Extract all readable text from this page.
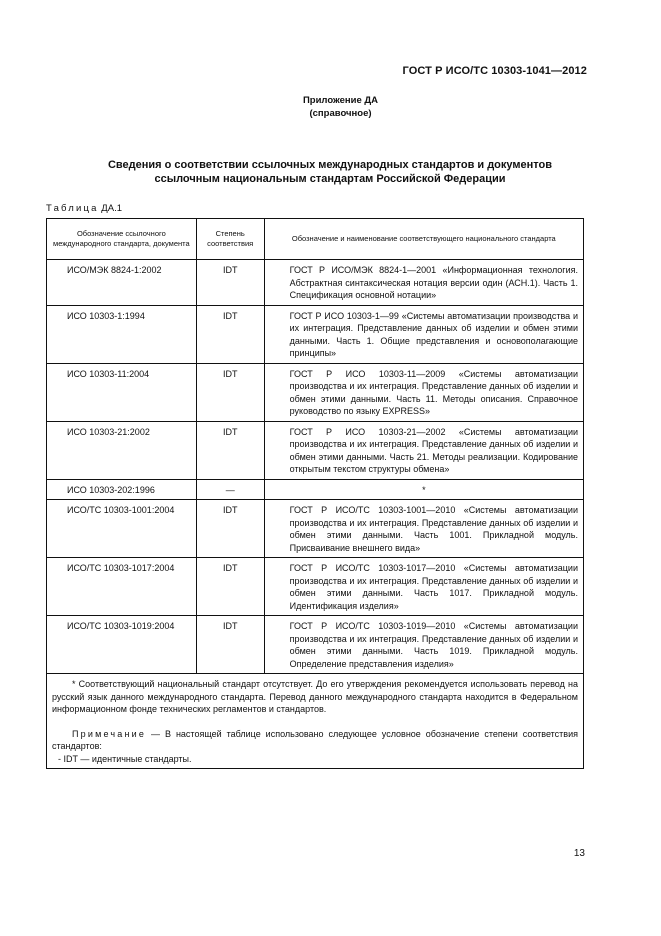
ГОСТ Р ИСО/ТС 10303-1041—2012
Приложение ДА
(справочное)
Сведения о соответствии ссылочных международных стандартов и документов
ссылочным национальным стандартам Российской Федерации
Таблица ДА.1
Обозначение ссылочного международного стандарта, документа	Степень соответствия	Обозначение и наименование соответствующего национального стандарта
ИСО/МЭК 8824-1:2002	IDT	ГОСТ Р ИСО/МЭК 8824-1—2001 «Информационная технология. Абстрактная синтаксическая нотация версии один (АСН.1). Часть 1. Спецификация основной нотации»

ИСО 10303-1:1994	IDT	ГОСТ Р ИСО 10303-1—99 «Системы автоматизации производства и их интеграция. Представление данных об изделии и обмен этими данными. Часть 1. Общие представления и основополагающие принципы»

ИСО 10303-11:2004	IDT	ГОСТ Р ИСО 10303-11—2009 «Системы автоматизации производства и их интеграция. Представление данных об изделии и обмен этими данными. Часть 11. Методы описания. Справочное руководство по языку EXPRESS»

ИСО 10303-21:2002	IDT	ГОСТ Р ИСО 10303-21—2002 «Системы автоматизации производства и их интеграция. Представление данных об изделии и обмен этими данными. Часть 21. Методы реализации. Кодирование открытым текстом структуры обмена»

ИСО 10303-202:1996	—	*
ИСО/ТС 10303-1001:2004	IDT	ГОСТ Р ИСО/ТС 10303-1001—2010 «Системы автоматизации производства и их интеграция. Представление данных об изделии и обмен этими данными. Часть 1001. Прикладной модуль. Присваивание внешнего вида»

ИСО/ТС 10303-1017:2004	IDT	ГОСТ Р ИСО/ТС 10303-1017—2010 «Системы автоматизации производства и их интеграция. Представление данных об изделии и обмен этими данными. Часть 1017. Прикладной модуль. Идентификация изделия»

ИСО/ТС 10303-1019:2004	IDT	ГОСТ Р ИСО/ТС 10303-1019—2010 «Системы автоматизации производства и их интеграция. Представление данных об изделии и обмен этими данными. Часть 1019. Прикладной модуль. Определение представления изделия»

* Соответствующий национальный стандарт отсутствует. До его утверждения рекомендуется использовать перевод на русский язык данного международного стандарта. Перевод данного международного стандарта находится в Федеральном информационном фонде технических регламентов и стандартов.

Примечание — В настоящей таблице использовано следующее условное обозначение степени соответствия стандартов:

- IDT — идентичные стандарты.		

13
